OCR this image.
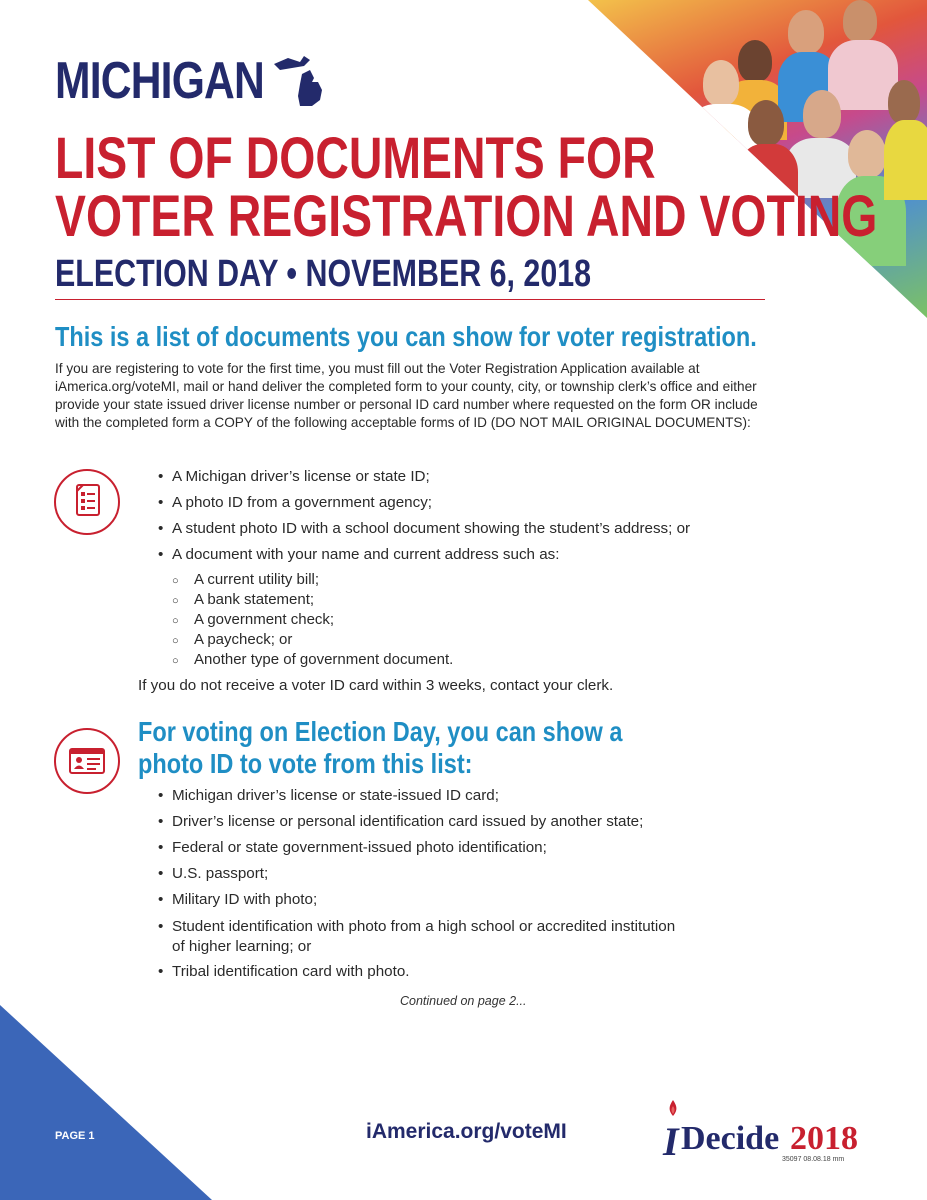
MICHIGAN
LIST OF DOCUMENTS FOR
VOTER REGISTRATION AND VOTING
ELECTION DAY • NOVEMBER 6, 2018
This is a list of documents you can show for voter registration.

If you are registering to vote for the first time, you must fill out the Voter Registration Application available at

iAmerica.org/voteMI, mail or hand deliver the completed form to your county, city, or township clerk’s office and either

provide your state issued driver license number or personal ID card number where requested on the form OR include

with the completed form a COPY of the following acceptable forms of ID (DO NOT MAIL ORIGINAL DOCUMENTS):

• A Michigan driver’s license or state ID;
• A photo ID from a government agency;
• A student photo ID with a school document showing the student’s address; or
• A document with your name and current address such as:
○ A current utility bill;
○ A bank statement;
○ A government check;
○ A paycheck; or
○ Another type of government document.
If you do not receive a voter ID card within 3 weeks, contact your clerk.
For voting on Election Day, you can show a
photo ID to vote from this list:
• Michigan driver’s license or state-issued ID card;
• Driver’s license or personal identification card issued by another state;
• Federal or state government-issued photo identification;
• U.S. passport;
• Military ID with photo;
• Student identification with photo from a high school or accredited institution
of higher learning; or
• Tribal identification card with photo.
Continued on page 2...
PAGE 1	iAmerica.org/voteMI I Decide 2018
35097 08.08.18 mm
